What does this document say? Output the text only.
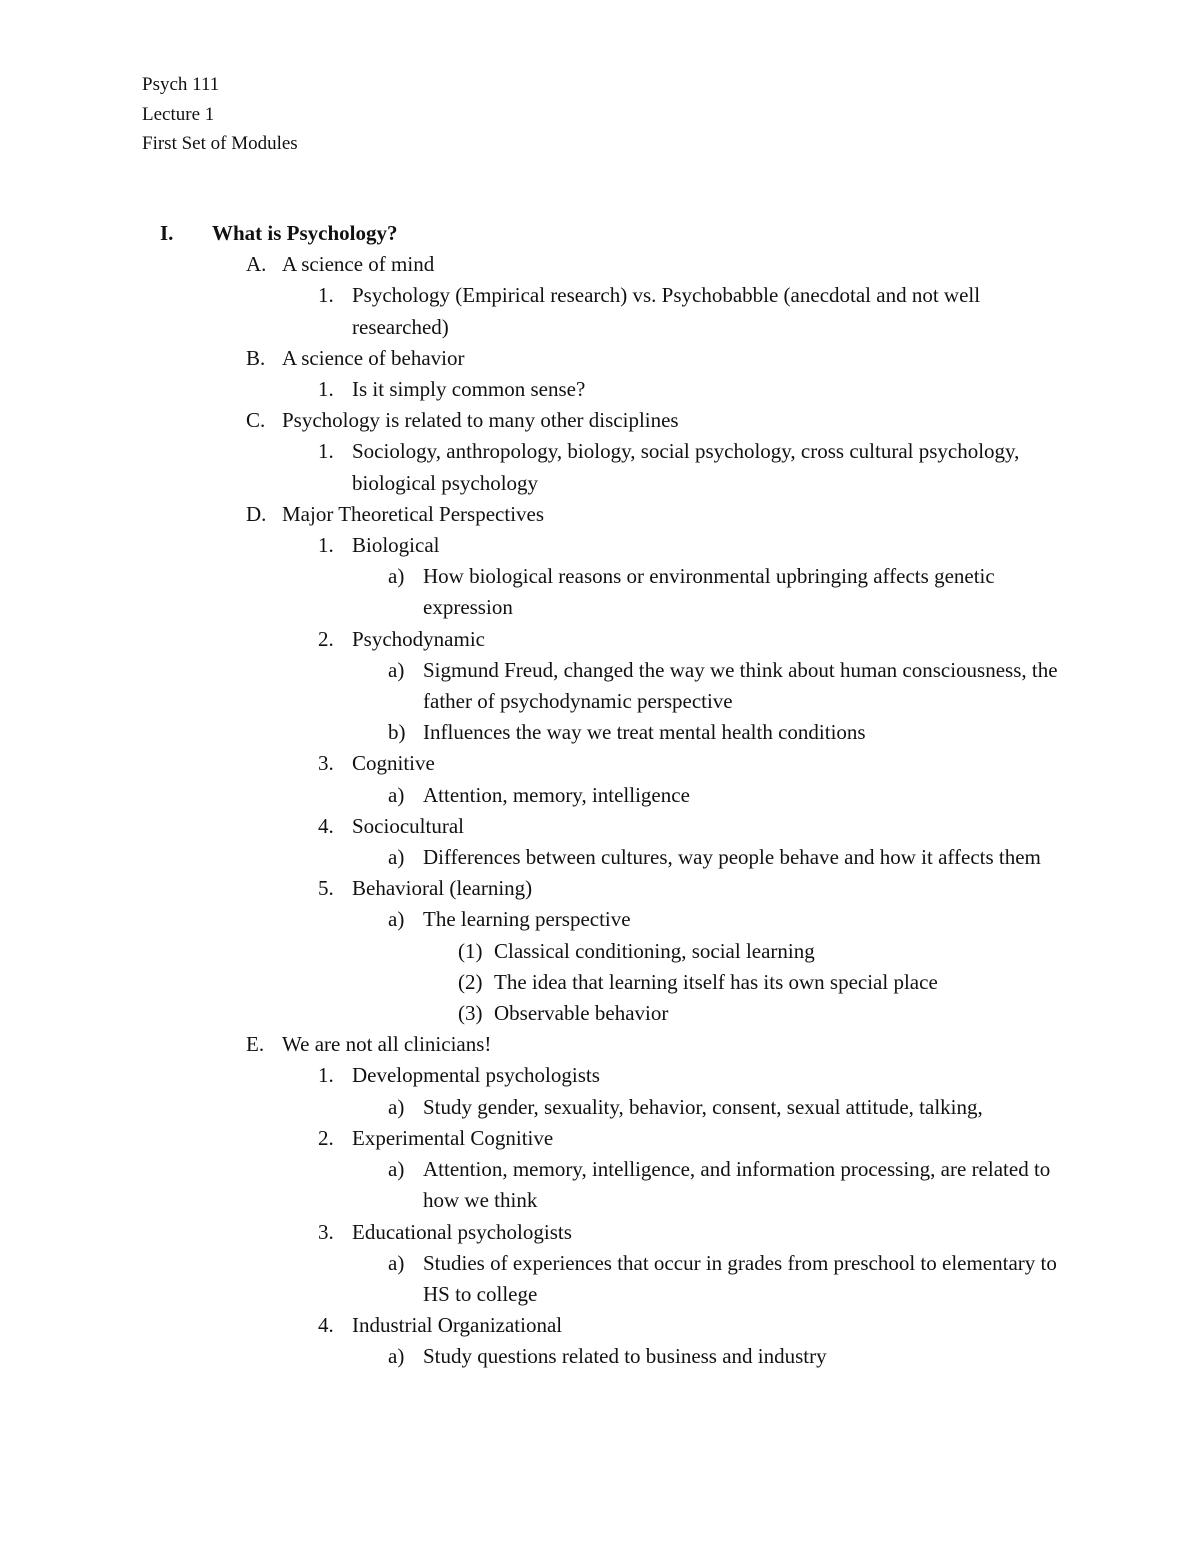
Psych 111
Lecture 1
First Set of Modules
I.	What is Psychology?
A. A science of mind
1. Psychology (Empirical research) vs. Psychobabble (anecdotal and not well researched)
B. A science of behavior
1. Is it simply common sense?
C. Psychology is related to many other disciplines
1. Sociology, anthropology, biology, social psychology, cross cultural psychology, biological psychology
D. Major Theoretical Perspectives
1. Biological
a) How biological reasons or environmental upbringing affects genetic expression
2. Psychodynamic
a) Sigmund Freud, changed the way we think about human consciousness, the father of psychodynamic perspective
b) Influences the way we treat mental health conditions
3. Cognitive
a) Attention, memory, intelligence
4. Sociocultural
a) Differences between cultures, way people behave and how it affects them
5. Behavioral (learning)
a) The learning perspective
(1) Classical conditioning, social learning
(2) The idea that learning itself has its own special place
(3) Observable behavior
E. We are not all clinicians!
1. Developmental psychologists
a) Study gender, sexuality, behavior, consent, sexual attitude, talking,
2. Experimental Cognitive
a) Attention, memory, intelligence, and information processing, are related to how we think
3. Educational psychologists
a) Studies of experiences that occur in grades from preschool to elementary to HS to college
4. Industrial Organizational
a) Study questions related to business and industry
